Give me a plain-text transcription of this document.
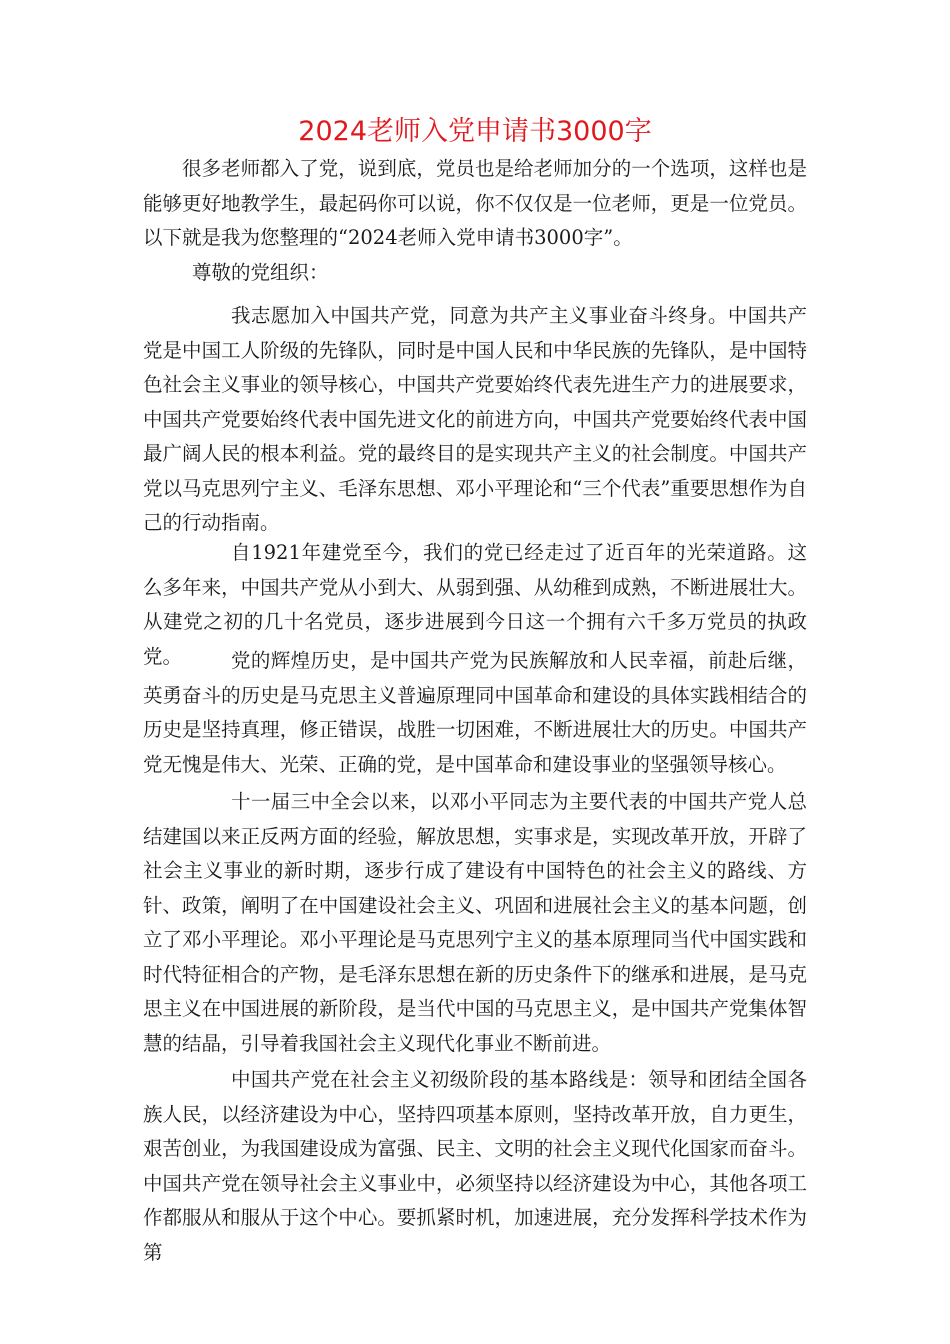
2024老师入党申请书3000字

很多老师都入了党，说到底，党员也是给老师加分的一个选项，这样也是能够更好地教学生，最起码你可以说，你不仅仅是一位老师，更是一位党员。以下就是我为您整理的“2024老师入党申请书3000字”。

尊敬的党组织：

我志愿加入中国共产党，同意为共产主义事业奋斗终身。中国共产党是中国工人阶级的先锋队，同时是中国人民和中华民族的先锋队，是中国特色社会主义事业的领导核心，中国共产党要始终代表先进生产力的进展要求，中国共产党要始终代表中国先进文化的前进方向，中国共产党要始终代表中国最广阔人民的根本利益。党的最终目的是实现共产主义的社会制度。中国共产党以马克思列宁主义、毛泽东思想、邓小平理论和“三个代表”重要思想作为自己的行动指南。

自1921年建党至今，我们的党已经走过了近百年的光荣道路。这么多年来，中国共产党从小到大、从弱到强、从幼稚到成熟，不断进展壮大。从建党之初的几十名党员，逐步进展到今日这一个拥有六千多万党员的执政党。	党的辉煌历史，是中国共产党为民族解放和人民幸福，前赴后继，英勇奋斗的历史是马克思主义普遍原理同中国革命和建设的具体实践相结合的历史是坚持真理，修正错误，战胜一切困难，不断进展壮大的历史。中国共产党无愧是伟大、光荣、正确的党，是中国革命和建设事业的坚强领导核心。

十一届三中全会以来，以邓小平同志为主要代表的中国共产党人总结建国以来正反两方面的经验，解放思想，实事求是，实现改革开放，开辟了社会主义事业的新时期，逐步行成了建设有中国特色的社会主义的路线、方针、政策，阐明了在中国建设社会主义、巩固和进展社会主义的基本问题，创立了邓小平理论。邓小平理论是马克思列宁主义的基本原理同当代中国实践和时代特征相合的产物，是毛泽东思想在新的历史条件下的继承和进展，是马克思主义在中国进展的新阶段，是当代中国的马克思主义，是中国共产党集体智慧的结晶，引导着我国社会主义现代化事业不断前进。

中国共产党在社会主义初级阶段的基本路线是：领导和团结全国各族人民，以经济建设为中心，坚持四项基本原则，坚持改革开放，自力更生，艰苦创业，为我国建设成为富强、民主、文明的社会主义现代化国家而奋斗。中国共产党在领导社会主义事业中，必须坚持以经济建设为中心，其他各项工作都服从和服从于这个中心。要抓紧时机，加速进展，充分发挥科学技术作为第
